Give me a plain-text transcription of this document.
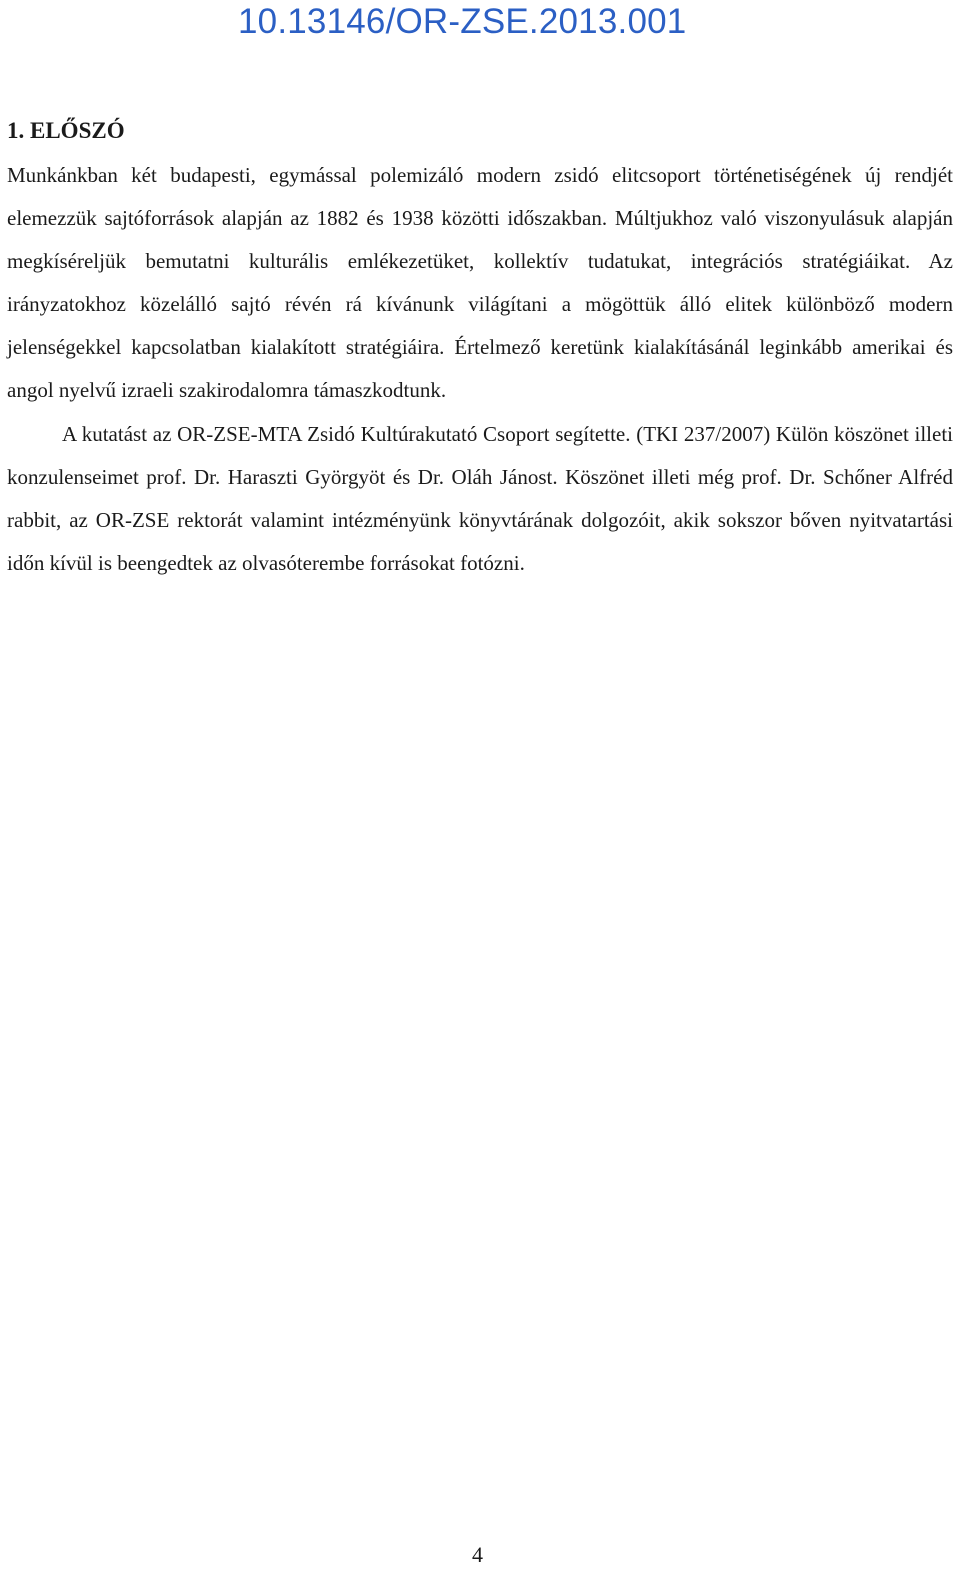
10.13146/OR-ZSE.2013.001
1. ELŐSZÓ

Munkánkban két budapesti, egymással polemizáló modern zsidó elitcsoport történetiségének új rendjét elemezzük sajtóforrások alapján az 1882 és 1938 közötti időszakban. Múltjukhoz való viszonyulásuk alapján megkíséreljük bemutatni kulturális emlékezetüket, kollektív tudatukat, integrációs stratégiáikat. Az irányzatokhoz közelálló sajtó révén rá kívánunk világítani a mögöttük álló elitek különböző modern jelenségekkel kapcsolatban kialakított stratégiáira. Értelmező keretünk kialakításánál leginkább amerikai és angol nyelvű izraeli szakirodalomra támaszkodtunk.

A kutatást az OR-ZSE-MTA Zsidó Kultúrakutató Csoport segítette. (TKI 237/2007) Külön köszönet illeti konzulenseimet prof. Dr. Haraszti Györgyöt és Dr. Oláh Jánost. Köszönet illeti még prof. Dr. Schőner Alfréd rabbit, az OR-ZSE rektorát valamint intézményünk könyvtárának dolgozóit, akik sokszor bőven nyitvatartási időn kívül is beengedtek az olvasóterembe forrásokat fotózni.

4
